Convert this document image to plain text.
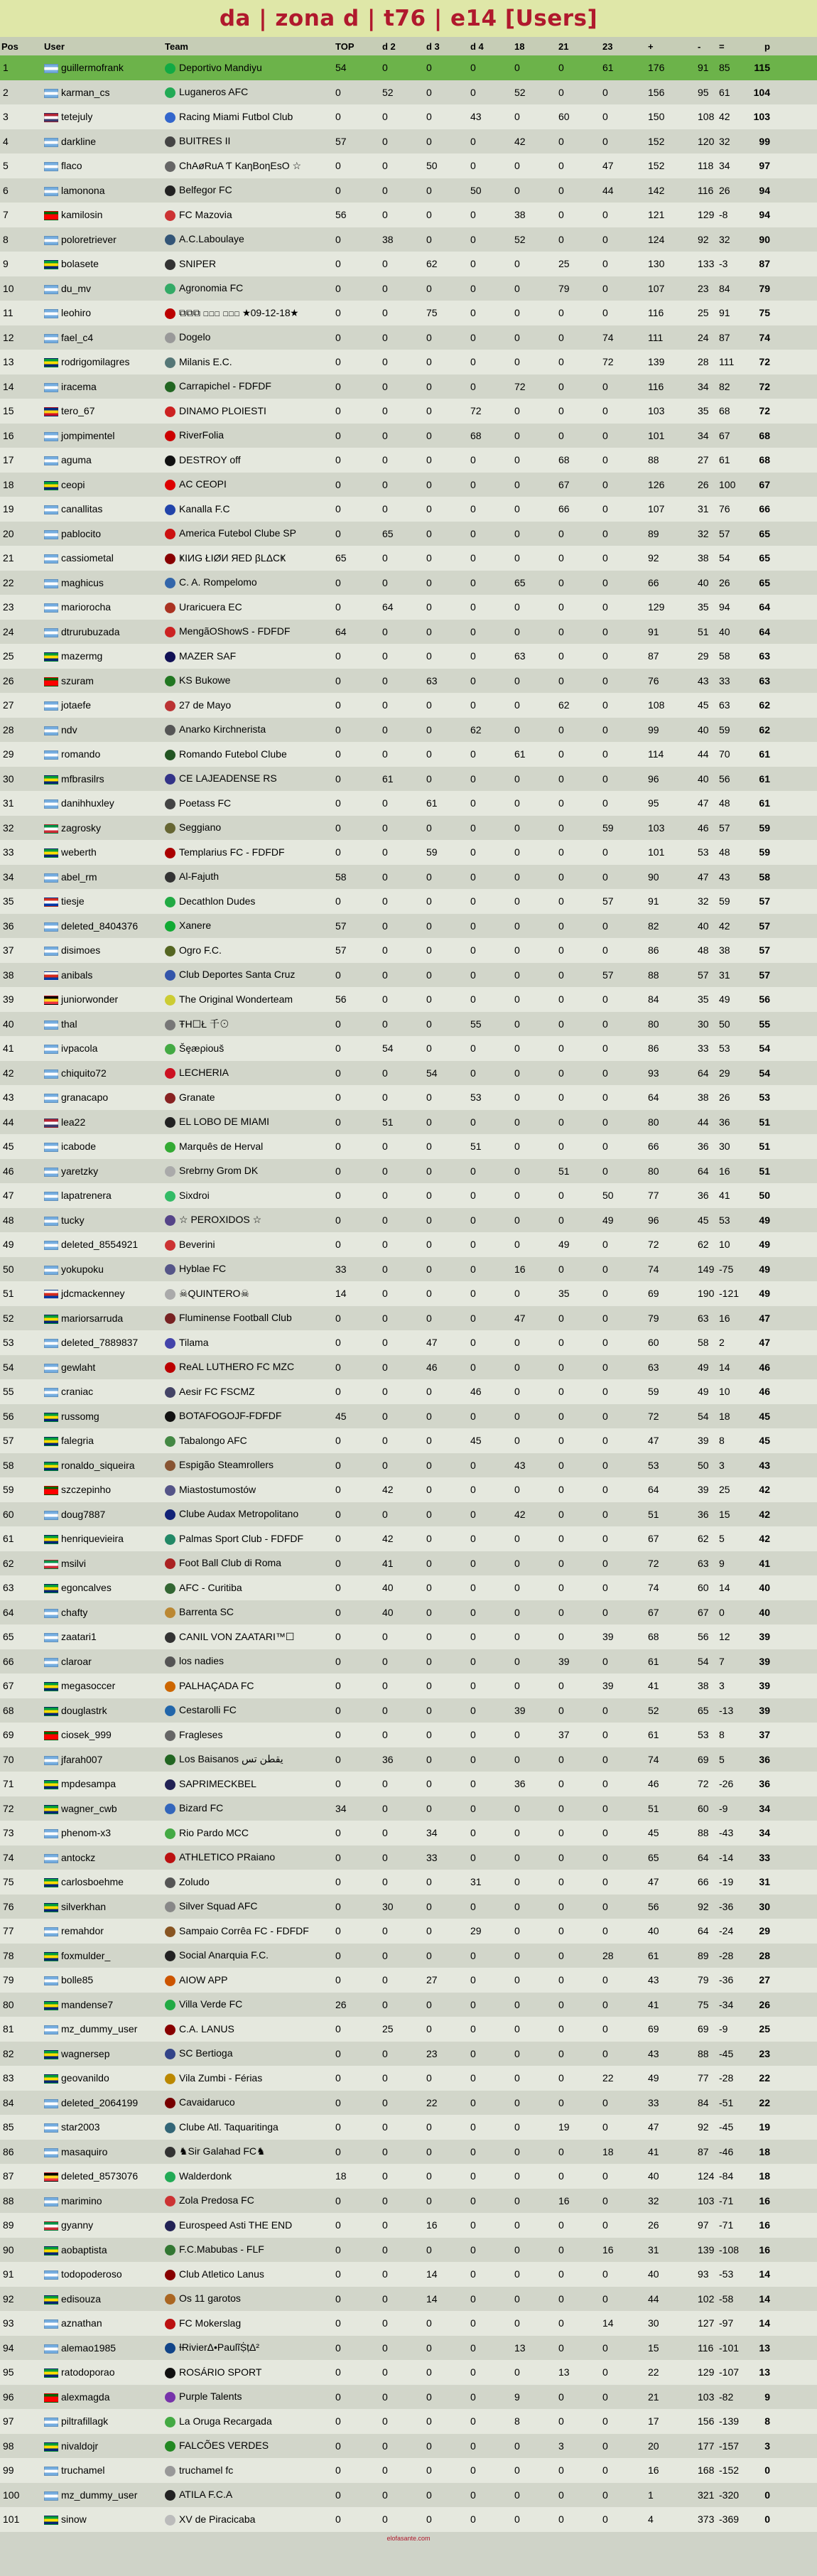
da | zona d | t76 | e14 [Users]
Pos	User	Team	TOP	d 2	d 3	d 4	18	21	23	+	-	=	p	
1	guillermofrank	Deportivo Mandiyu	54	0	0	0	0	0	61	176	91	85	115	
2	karman_cs	Luganeros AFC	0	52	0	0	52	0	0	156	95	61	104	
3	tetejuly	Racing Miami Futbol Club	0	0	0	43	0	60	0	150	108	42	103	
4	darkline	BUITRES II	57	0	0	0	42	0	0	152	120	32	99	
5	flaco	ChAøRuA Ƭ KaηBoηEsO ☆	0	0	50	0	0	0	47	152	118	34	97	
6	lamonona	Belfegor FC	0	0	0	50	0	0	44	142	116	26	94	
7	kamilosin	FC Mazovia	56	0	0	0	38	0	0	121	129	-8	94	
8	poloretriever	A.C.Laboulaye	0	38	0	0	52	0	0	124	92	32	90	
9	bolasete	SNIPER	0	0	62	0	0	25	0	130	133	-3	87	
10	du_mv	Agronomia FC	0	0	0	0	0	79	0	107	23	84	79	
11	leohiro	⧉⧉⧉ ◻◻◻ ◻◻◻ ★09-12-18★	0	0	75	0	0	0	0	116	25	91	75	
12	fael_c4	Dogelo	0	0	0	0	0	0	74	111	24	87	74	
13	rodrigomilagres	Milanis E.C.	0	0	0	0	0	0	72	139	28	111	72	
14	iracema	Carrapichel - FDFDF	0	0	0	0	72	0	0	116	34	82	72	
15	tero_67	DINAMO PLOIESTI	0	0	0	72	0	0	0	103	35	68	72	
16	jompimentel	RiverFolia	0	0	0	68	0	0	0	101	34	67	68	
17	aguma	DESTROY off	0	0	0	0	0	68	0	88	27	61	68	
18	ceopi	AC CEOPI	0	0	0	0	0	67	0	126	26	100	67	
19	canallitas	Kanalla F.C	0	0	0	0	0	66	0	107	31	76	66	
20	pablocito	America Futebol Clube SP	0	65	0	0	0	0	0	89	32	57	65	
21	cassiometal	ҜIИG ŁIØИ ЯED βLΔCҜ	65	0	0	0	0	0	0	92	38	54	65	
22	maghicus	C. A. Rompelomo	0	0	0	0	65	0	0	66	40	26	65	
23	mariorocha	Uraricuera EC	0	64	0	0	0	0	0	129	35	94	64	
24	dtrurubuzada	MengãOShowS - FDFDF	64	0	0	0	0	0	0	91	51	40	64	
25	mazermg	MAZER SAF	0	0	0	0	63	0	0	87	29	58	63	
26	szuram	KS Bukowe	0	0	63	0	0	0	0	76	43	33	63	
27	jotaefe	27 de Mayo	0	0	0	0	0	62	0	108	45	63	62	
28	ndv	Anarko Kirchnerista	0	0	0	62	0	0	0	99	40	59	62	
29	romando	Romando Futebol Clube	0	0	0	0	61	0	0	114	44	70	61	
30	mfbrasilrs	CE LAJEADENSE RS	0	61	0	0	0	0	0	96	40	56	61	
31	danihhuxley	Poetass FC	0	0	61	0	0	0	0	95	47	48	61	
32	zagrosky	Seggiano	0	0	0	0	0	0	59	103	46	57	59	
33	weberth	Templarius FC - FDFDF	0	0	59	0	0	0	0	101	53	48	59	
34	abel_rm	Al-Fajuth	58	0	0	0	0	0	0	90	47	43	58	
35	tiesje	Decathlon Dudes	0	0	0	0	0	0	57	91	32	59	57	
36	deleted_8404376	Xanere	57	0	0	0	0	0	0	82	40	42	57	
37	disimoes	Ogro F.C.	57	0	0	0	0	0	0	86	48	38	57	
38	anibals	Club Deportes Santa Cruz	0	0	0	0	0	0	57	88	57	31	57	
39	juniorwonder	The Original Wonderteam	56	0	0	0	0	0	0	84	35	49	56	
40	thal	ŦΗ☐Ł 千⊙	0	0	0	55	0	0	0	80	30	50	55	
41	ivpacola	Šȩæρiouš	0	54	0	0	0	0	0	86	33	53	54	
42	chiquito72	LECHERIA	0	0	54	0	0	0	0	93	64	29	54	
43	granacapo	Granate	0	0	0	53	0	0	0	64	38	26	53	
44	lea22	EL LOBO DE MIAMI	0	51	0	0	0	0	0	80	44	36	51	
45	icabode	Marquês de Herval	0	0	0	51	0	0	0	66	36	30	51	
46	yaretzky	Srebrny Grom DK	0	0	0	0	0	51	0	80	64	16	51	
47	lapatrenera	Sixdroi	0	0	0	0	0	0	50	77	36	41	50	
48	tucky	☆ PEROXIDOS ☆	0	0	0	0	0	0	49	96	45	53	49	
49	deleted_8554921	Beverini	0	0	0	0	0	49	0	72	62	10	49	
50	yokupoku	Hyblae FC	33	0	0	0	16	0	0	74	149	-75	49	
51	jdcmackenney	☠QUINTERO☠	14	0	0	0	0	35	0	69	190	-121	49	
52	mariorsarruda	Fluminense Football Club	0	0	0	0	47	0	0	79	63	16	47	
53	deleted_7889837	Tilama	0	0	47	0	0	0	0	60	58	2	47	
54	gewlaht	ReAL LUTHERO FC MZC	0	0	46	0	0	0	0	63	49	14	46	
55	craniac	Aesir FC FSCMZ	0	0	0	46	0	0	0	59	49	10	46	
56	russomg	BOTAFOGOJF-FDFDF	45	0	0	0	0	0	0	72	54	18	45	
57	falegria	Tabalongo AFC	0	0	0	45	0	0	0	47	39	8	45	
58	ronaldo_siqueira	Espigão Steamrollers	0	0	0	0	43	0	0	53	50	3	43	
59	szczepinho	Miastostumostów	0	42	0	0	0	0	0	64	39	25	42	
60	doug7887	Clube Audax Metropolitano	0	0	0	0	42	0	0	51	36	15	42	
61	henriquevieira	Palmas Sport Club - FDFDF	0	42	0	0	0	0	0	67	62	5	42	
62	msilvi	Foot Ball Club di Roma	0	41	0	0	0	0	0	72	63	9	41	
63	egoncalves	AFC - Curitiba	0	40	0	0	0	0	0	74	60	14	40	
64	chafty	Barrenta SC	0	40	0	0	0	0	0	67	67	0	40	
65	zaatari1	CANIL VON ZAATARI™☐	0	0	0	0	0	0	39	68	56	12	39	
66	claroar	los nadies	0	0	0	0	0	39	0	61	54	7	39	
67	megasoccer	PALHAÇADA FC	0	0	0	0	0	0	39	41	38	3	39	
68	douglastrk	Cestarolli FC	0	0	0	0	39	0	0	52	65	-13	39	
69	ciosek_999	Fragleses	0	0	0	0	0	37	0	61	53	8	37	
70	jfarah007	Los Baisanos يقطن تس	0	36	0	0	0	0	0	74	69	5	36	
71	mpdesampa	SAPRIMECKBEL	0	0	0	0	36	0	0	46	72	-26	36	
72	wagner_cwb	Bizard FC	34	0	0	0	0	0	0	51	60	-9	34	
73	phenom-x3	Rio Pardo MCC	0	0	34	0	0	0	0	45	88	-43	34	
74	antockz	ATHLETICO PRaiano	0	0	33	0	0	0	0	65	64	-14	33	
75	carlosboehme	Zoludo	0	0	0	31	0	0	0	47	66	-19	31	
76	silverkhan	Silver Squad AFC	0	30	0	0	0	0	0	56	92	-36	30	
77	remahdor	Sampaio Corrêa FC - FDFDF	0	0	0	29	0	0	0	40	64	-24	29	
78	foxmulder_	Social Anarquia F.C.	0	0	0	0	0	0	28	61	89	-28	28	
79	bolle85	AIOW APP	0	0	27	0	0	0	0	43	79	-36	27	
80	mandense7	Villa Verde FC	26	0	0	0	0	0	0	41	75	-34	26	
81	mz_dummy_user	C.A. LANUS	0	25	0	0	0	0	0	69	69	-9	25	
82	wagnersep	SC Bertioga	0	0	23	0	0	0	0	43	88	-45	23	
83	geovanildo	Vila Zumbi - Férias	0	0	0	0	0	0	22	49	77	-28	22	
84	deleted_2064199	Cavaidaruco	0	0	22	0	0	0	0	33	84	-51	22	
85	star2003	Clube Atl. Taquaritinga	0	0	0	0	0	19	0	47	92	-45	19	
86	masaquiro	♞Sir Galahad FC♞	0	0	0	0	0	0	18	41	87	-46	18	
87	deleted_8573076	Walderdonk	18	0	0	0	0	0	0	40	124	-84	18	
88	marimino	Zola Predosa FC	0	0	0	0	0	16	0	32	103	-71	16	
89	gyanny	Eurospeed Asti THE END	0	0	16	0	0	0	0	26	97	-71	16	
90	aobaptista	F.C.Mabubas - FLF	0	0	0	0	0	0	16	31	139	-108	16	
91	todopoderoso	Club Atletico Lanus	0	0	14	0	0	0	0	40	93	-53	14	
92	edisouza	Os 11 garotos	0	0	14	0	0	0	0	44	102	-58	14	
93	aznathan	FC Mokerslag	0	0	0	0	0	0	14	30	127	-97	14	
94	alemao1985	ƗɌivierΔ•PaulĩṨṭΔ²	0	0	0	0	13	0	0	15	116	-101	13	
95	ratodoporao	ROSÁRIO SPORT	0	0	0	0	0	13	0	22	129	-107	13	
96	alexmagda	Purple Talents	0	0	0	0	9	0	0	21	103	-82	9	
97	piltrafillagk	La Oruga Recargada	0	0	0	0	8	0	0	17	156	-139	8	
98	nivaldojr	FALCÕES VERDES	0	0	0	0	0	3	0	20	177	-157	3	
99	truchamel	truchamel fc	0	0	0	0	0	0	0	16	168	-152	0	
100	mz_dummy_user	ATILA F.C.A	0	0	0	0	0	0	0	1	321	-320	0	
101	sinow	XV de Piracicaba	0	0	0	0	0	0	0	4	373	-369	0	
elofasante.com
